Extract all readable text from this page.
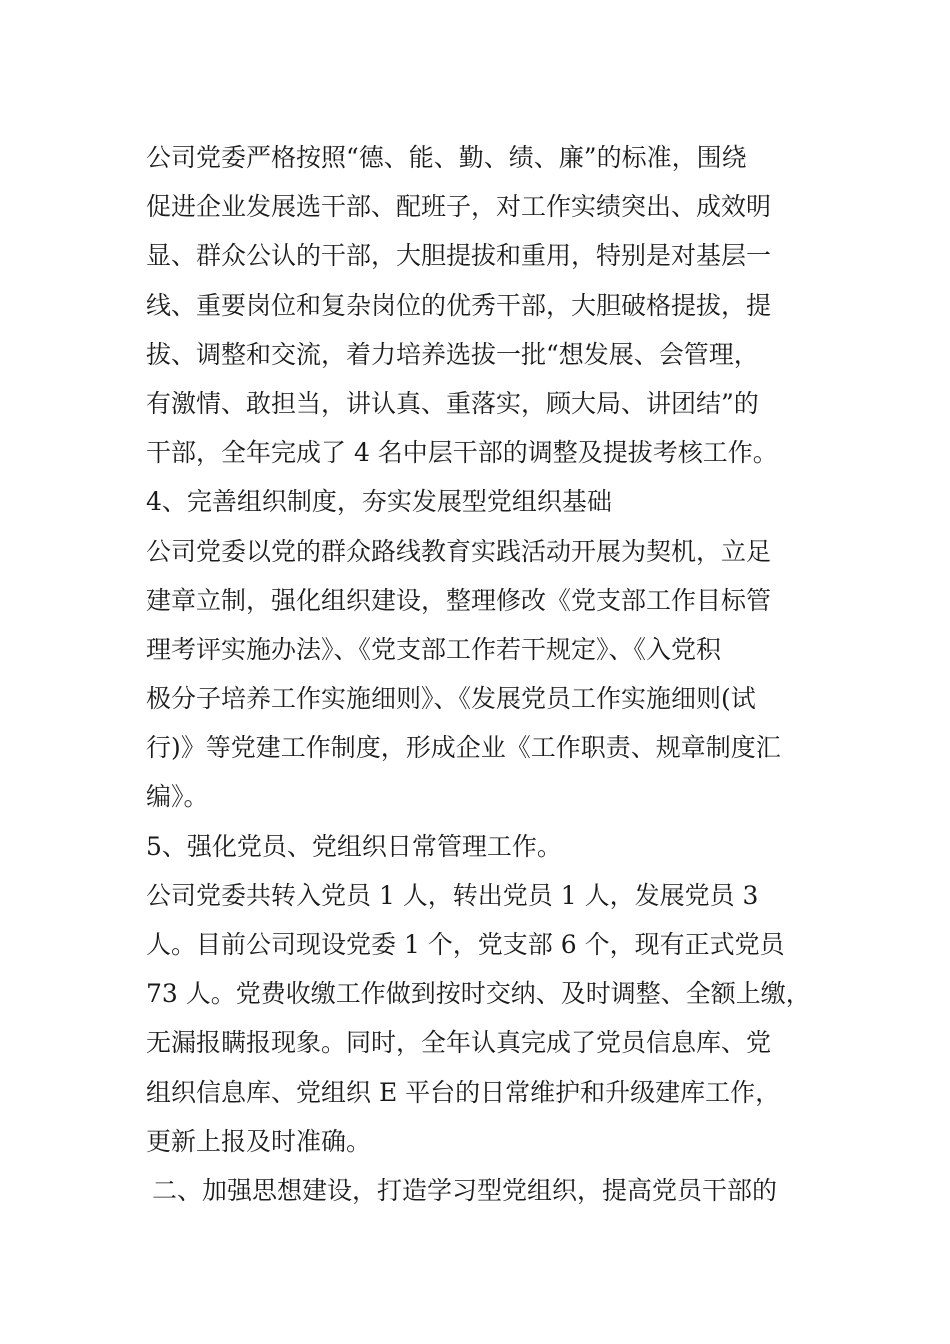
公司党委严格按照“德、能、勤、绩、廉”的标准，围绕
促进企业发展选干部、配班子，对工作实绩突出、成效明
显、群众公认的干部，大胆提拔和重用，特别是对基层一
线、重要岗位和复杂岗位的优秀干部，大胆破格提拔，提
拔、调整和交流，着力培养选拔一批“想发展、会管理，
有激情、敢担当，讲认真、重落实，顾大局、讲团结”的
干部，全年完成了 4 名中层干部的调整及提拔考核工作。
4、完善组织制度，夯实发展型党组织基础
公司党委以党的群众路线教育实践活动开展为契机，立足
建章立制，强化组织建设，整理修改《党支部工作目标管
理考评实施办法》、《党支部工作若干规定》、《入党积
极分子培养工作实施细则》、《发展党员工作实施细则(试
行)》等党建工作制度，形成企业《工作职责、规章制度汇
编》。
5、强化党员、党组织日常管理工作。
公司党委共转入党员 1 人，转出党员 1 人，发展党员 3
人。目前公司现设党委 1 个，党支部 6 个，现有正式党员
73 人。党费收缴工作做到按时交纳、及时调整、全额上缴，
无漏报瞒报现象。同时，全年认真完成了党员信息库、党
组织信息库、党组织 E 平台的日常维护和升级建库工作，
更新上报及时准确。
二、加强思想建设，打造学习型党组织，提高党员干部的
